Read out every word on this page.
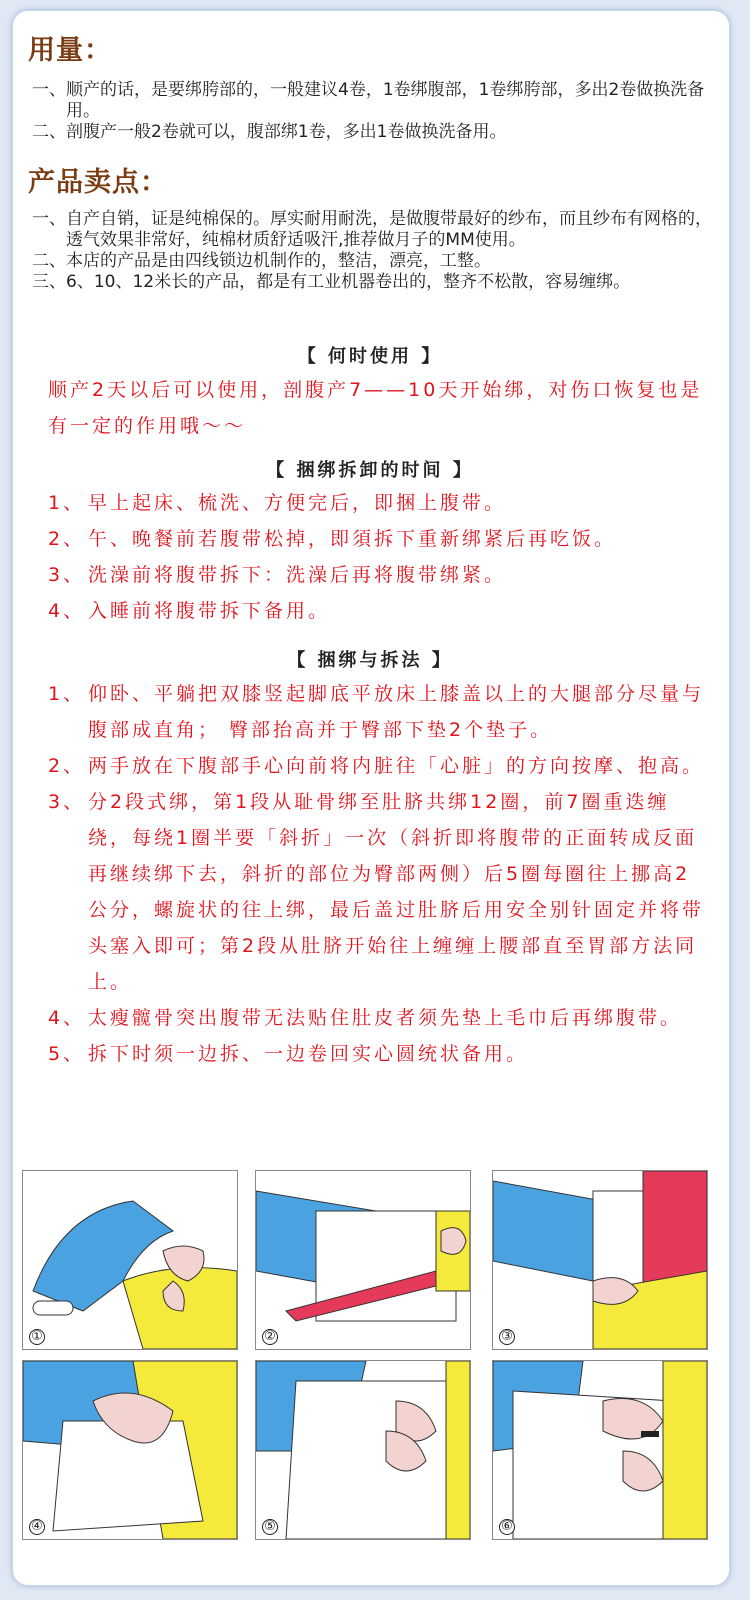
用量：
一、 顺产的话，是要绑胯部的，一般建议4卷，1卷绑腹部，1卷绑胯部，多出2卷做换洗备用。
二、 剖腹产一般2卷就可以，腹部绑1卷，多出1卷做换洗备用。
产品卖点：
一、 自产自销，证是纯棉保的。厚实耐用耐洗，是做腹带最好的纱布，而且纱布有网格的，透气效果非常好，纯棉材质舒适吸汗,推荐做月子的MM使用。
二、 本店的产品是由四线锁边机制作的，整洁，漂亮，工整。
三、 6、10、12米长的产品，都是有工业机器卷出的，整齐不松散，容易缠绑。
【 何时使用 】
顺产2天以后可以使用，剖腹产7——10天开始绑，对伤口恢复也是有一定的作用哦～～
【 捆绑拆卸的时间 】
1、 早上起床、梳洗、方便完后，即捆上腹带。
2、 午、晚餐前若腹带松掉，即須拆下重新绑紧后再吃饭。
3、 洗澡前将腹带拆下：洗澡后再将腹带绑紧。
4、 入睡前将腹带拆下备用。
【 捆绑与拆法 】
1、 仰卧、平躺把双膝竖起脚底平放床上膝盖以上的大腿部分尽量与腹部成直角； 臀部抬高并于臀部下垫2个垫子。
2、 两手放在下腹部手心向前将内脏往「心脏」的方向按摩、抱高。
3、 分2段式绑，第1段从耻骨绑至肚脐共绑12圈，前7圈重迭缠绕，每绕1圈半要「斜折」一次（斜折即将腹带的正面转成反面再继续绑下去，斜折的部位为臀部两侧）后5圈每圈往上挪高2公分，螺旋状的往上绑，最后盖过肚脐后用安全别针固定并将带头塞入即可；第2段从肚脐开始往上缠缠上腰部直至胃部方法同上。
4、 太瘦髋骨突出腹带无法贴住肚皮者须先垫上毛巾后再绑腹带。
5、 拆下时须一边拆、一边卷回实心圆统状备用。
①	②	③
④	⑤	⑥
